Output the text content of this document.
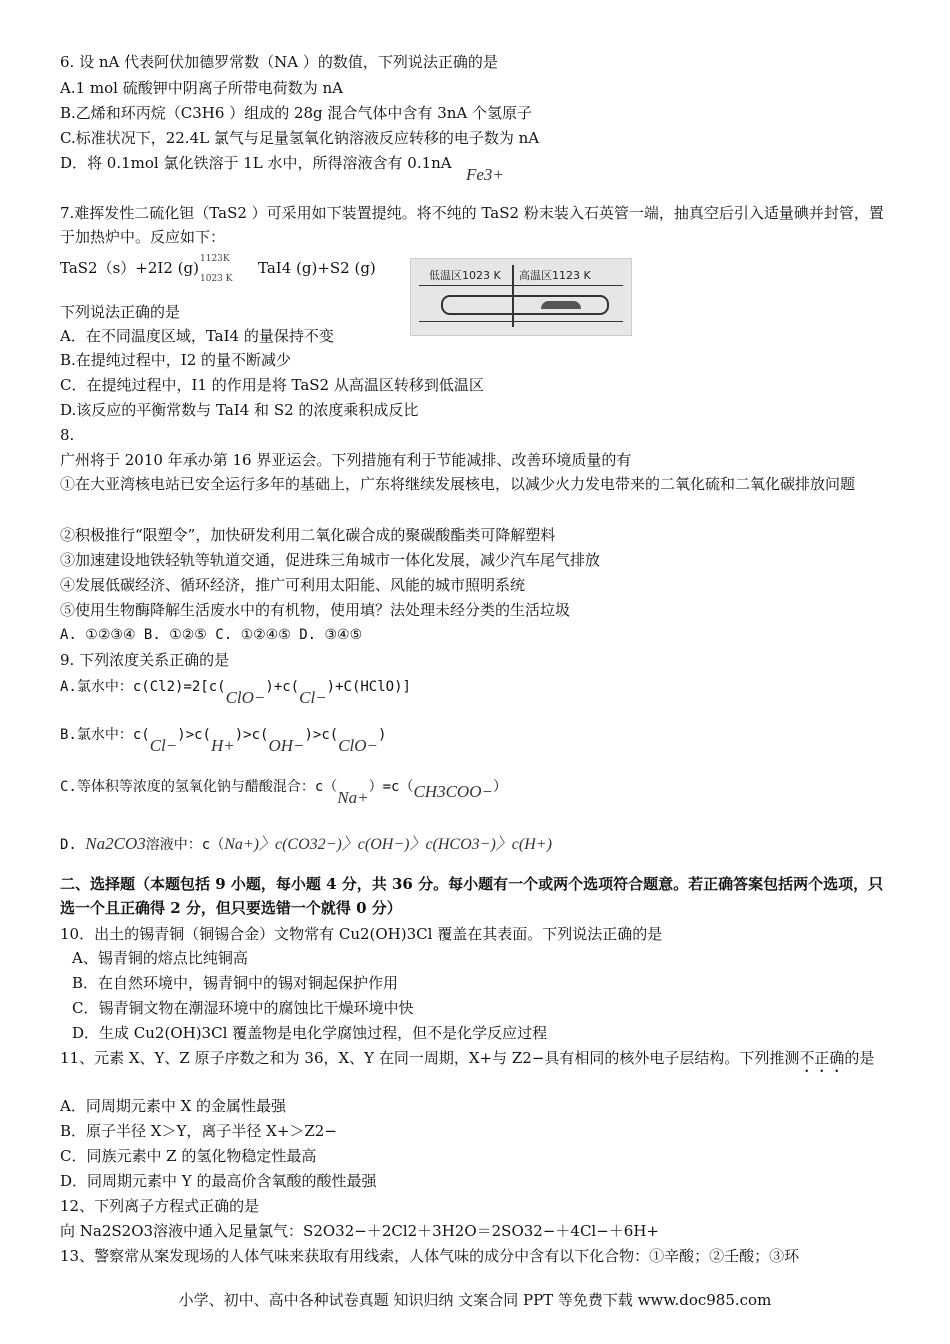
6. 设 nA 代表阿伏加德罗常数（NA ）的数值，下列说法正确的是
A.1 mol 硫酸钾中阴离子所带电荷数为 nA
B.乙烯和环丙烷（C3H6 ）组成的 28g 混合气体中含有 3nA 个氢原子
C.标准状况下，22.4L 氯气与足量氢氧化钠溶液反应转移的电子数为 nA
D．将 0.1mol 氯化铁溶于 1L 水中，所得溶液含有 0.1nA
Fe3+
7.难挥发性二硫化钽（TaS2 ）可采用如下装置提纯。将不纯的 TaS2 粉末装入石英管一端，抽真空后引入适量碘并封管，置于加热炉中。反应如下：
TaS2（s）+2I2 (g) 1123K
1023 K
TaI4 (g)+S2 (g)
下列说法正确的是
A．在不同温度区域，TaI4 的量保持不变
B.在提纯过程中，I2 的量不断减少
C．在提纯过程中，I1 的作用是将 TaS2 从高温区转移到低温区
D.该反应的平衡常数与 TaI4 和 S2 的浓度乘积成反比
8.
广州将于 2010 年承办第 16 界亚运会。下列措施有利于节能减排、改善环境质量的有
①在大亚湾核电站已安全运行多年的基础上，广东将继续发展核电，以减少火力发电带来的二氧化硫和二氧化碳排放问题
②积极推行“限塑令”，加快研发利用二氧化碳合成的聚碳酸酯类可降解塑料
③加速建设地铁轻轨等轨道交通，促进珠三角城市一体化发展，减少汽车尾气排放
④发展低碳经济、循环经济，推广可利用太阳能、风能的城市照明系统
⑤使用生物酶降解生活废水中的有机物，使用填？法处理未经分类的生活垃圾
A. ①②③④ B. ①②⑤ C. ①②④⑤ D. ③④⑤
9. 下列浓度关系正确的是
A.氯水中：c(Cl2)=2[c(ClO−)+c(Cl−)+C(HClO)]
B.氯水中：c(Cl−)>c(H+)>c(OH−)>c(ClO−)
C.等体积等浓度的氢氧化钠与醋酸混合：c（Na+）=c（CH3COO−）
D. Na2CO3溶液中：c（Na+)〉c(CO32−)〉c(OH−)〉c(HCO3−)〉c(H+)
二、选择题（本题包括 9 小题，每小题 4 分，共 36 分。每小题有一个或两个选项符合题意。若正确答案包括两个选项，只选一个且正确得 2 分，但只要选错一个就得 0 分）
10．出土的锡青铜（铜锡合金）文物常有 Cu2(OH)3Cl 覆盖在其表面。下列说法正确的是
A、锡青铜的熔点比纯铜高
B．在自然环境中，锡青铜中的锡对铜起保护作用
C．锡青铜文物在潮湿环境中的腐蚀比干燥环境中快
D．生成 Cu2(OH)3Cl 覆盖物是电化学腐蚀过程，但不是化学反应过程
11、元素 X、Y、Z 原子序数之和为 36，X、Y 在同一周期，X+与 Z2−具有相同的核外电子层结构。下列推测不正确的是
A．同周期元素中 X 的金属性最强
B．原子半径 X＞Y，离子半径 X+＞Z2−
C．同族元素中 Z 的氢化物稳定性最高
D．同周期元素中 Y 的最高价含氧酸的酸性最强
12、下列离子方程式正确的是
向 Na2S2O3溶液中通入足量氯气：S2O32−＋2Cl2＋3H2O＝2SO32−＋4Cl−＋6H+
13、警察常从案发现场的人体气味来获取有用线索，人体气味的成分中含有以下化合物：①辛酸；②壬酸；③环
低温区1023 K 高温区1123 K
小学、初中、高中各种试卷真题 知识归纳 文案合同 PPT 等免费下载 www.doc985.com
